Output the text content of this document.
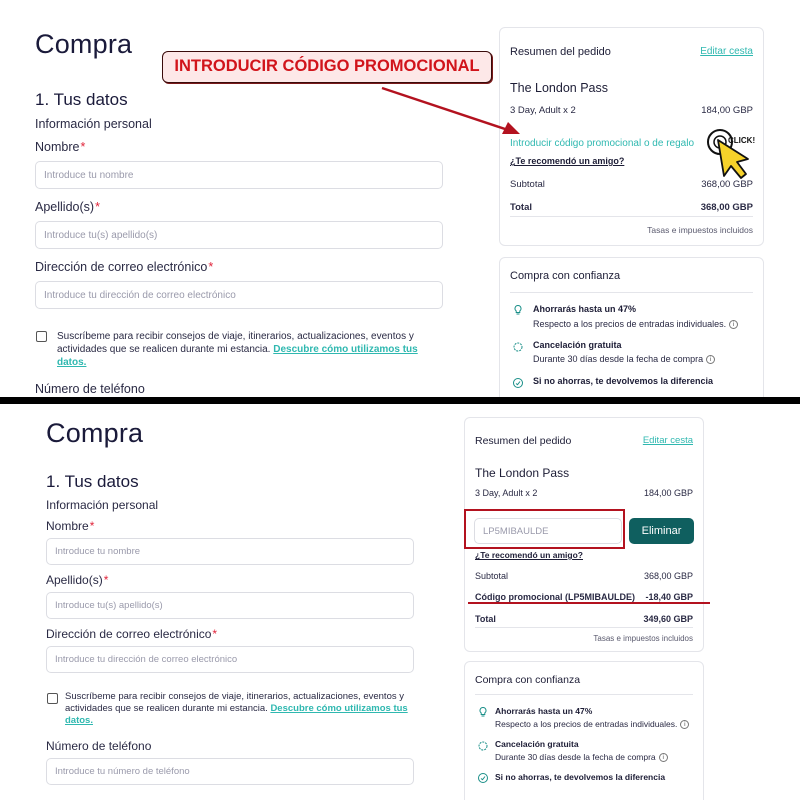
Compra
1. Tus datos
Información personal
Nombre*
Introduce tu nombre
Apellido(s)*
Introduce tu(s) apellido(s)
Dirección de correo electrónico*
Introduce tu dirección de correo electrónico
Suscríbeme para recibir consejos de viaje, itinerarios, actualizaciones, eventos y
actividades que se realicen durante mi estancia. Descubre cómo utilizamos tus
datos.
Número de teléfono
Resumen del pedido	Editar cesta
The London Pass
3 Day, Adult x 2	184,00 GBP
Introducir código promocional o de regalo
¿Te recomendó un amigo?
Subtotal	368,00 GBP
Total	368,00 GBP
Tasas e impuestos incluidos
Compra con confianza
Ahorrarás hasta un 47%
Respecto a los precios de entradas individuales. i
Cancelación gratuita
Durante 30 días desde la fecha de compra i
Si no ahorras, te devolvemos la diferencia
INTRODUCIR CÓDIGO PROMOCIONAL
CLICK!
Compra
1. Tus datos
Información personal
Nombre*
Introduce tu nombre
Apellido(s)*
Introduce tu(s) apellido(s)
Dirección de correo electrónico*
Introduce tu dirección de correo electrónico
Suscríbeme para recibir consejos de viaje, itinerarios, actualizaciones, eventos y
actividades que se realicen durante mi estancia. Descubre cómo utilizamos tus
datos.
Número de teléfono
Introduce tu número de teléfono
Resumen del pedido	Editar cesta
The London Pass
3 Day, Adult x 2	184,00 GBP
LP5MIBAULDE	Eliminar
¿Te recomendó un amigo?
Subtotal	368,00 GBP
Código promocional (LP5MIBAULDE) -18,40 GBP
Total	349,60 GBP
Tasas e impuestos incluidos
Compra con confianza
Ahorrarás hasta un 47%
Respecto a los precios de entradas individuales. i
Cancelación gratuita
Durante 30 días desde la fecha de compra i
Si no ahorras, te devolvemos la diferencia
